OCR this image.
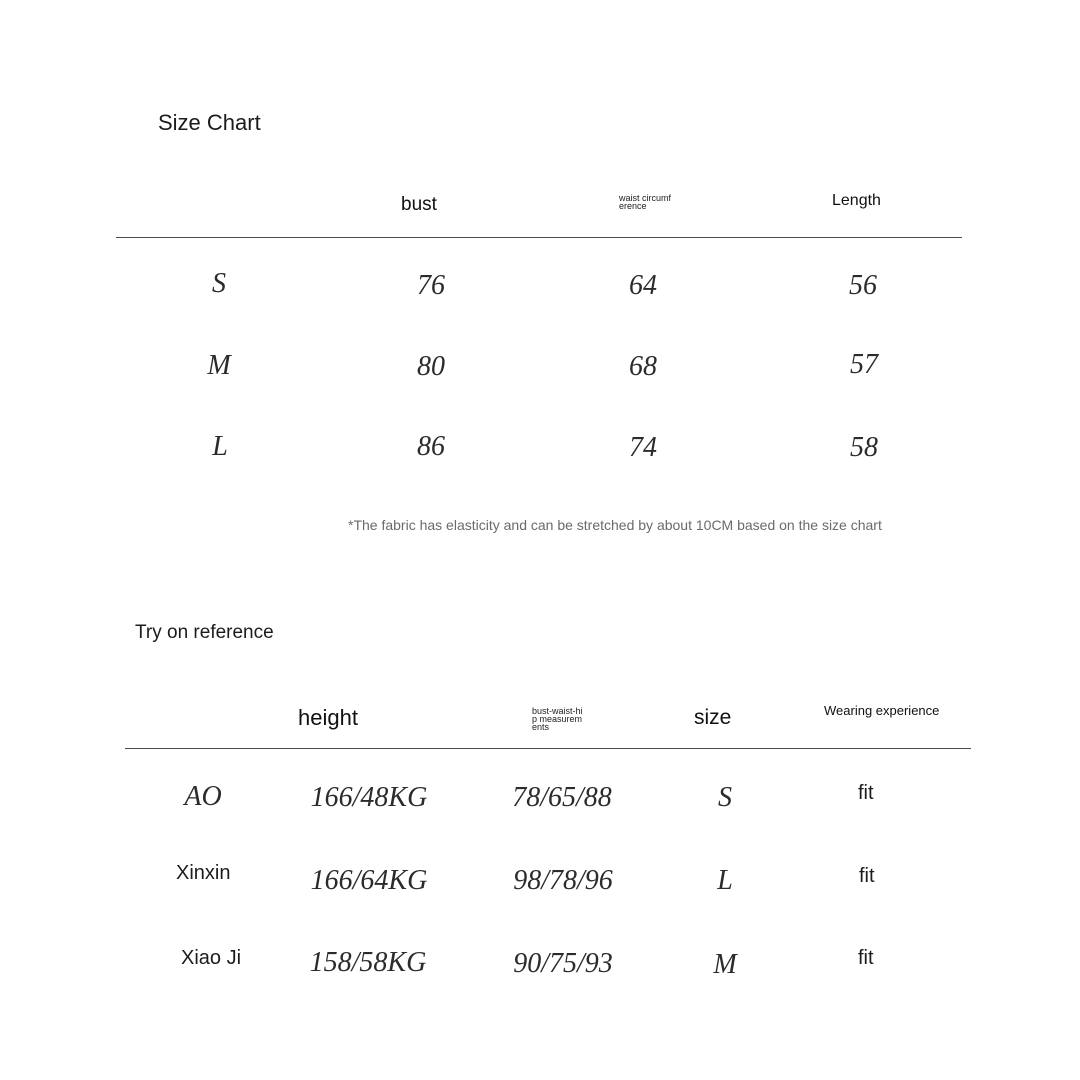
Size Chart
bust	waist circumference	Length
S	76	64	56
M	80	68	57
L	86	74	58
*The fabric has elasticity and can be stretched by about 10CM based on the size chart
Try on reference
height	bust-waist-hip measurements	size	Wearing experience
AO	166/48KG	78/65/88	S	fit
Xinxin	166/64KG	98/78/96	L	fit
Xiao Ji 158/58KG	90/75/93	M	fit
